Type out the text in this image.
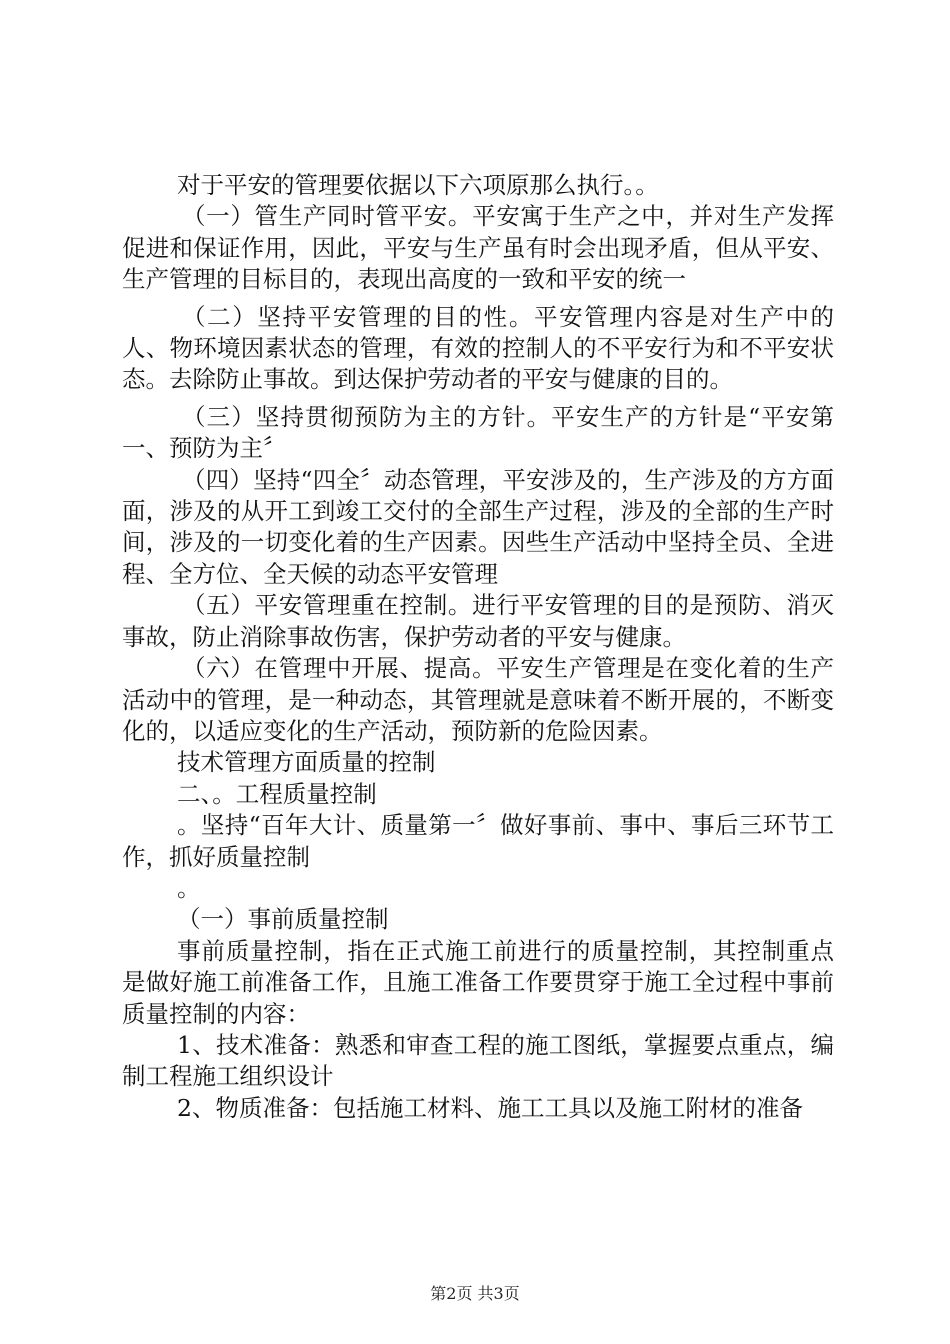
对于平安的管理要依据以下六项原那么执行。。

（一）管生产同时管平安。平安寓于生产之中，并对生产发挥促进和保证作用，因此，平安与生产虽有时会出现矛盾，但从平安、生产管理的目标目的，表现出高度的一致和平安的统一

（二）坚持平安管理的目的性。平安管理内容是对生产中的人、物环境因素状态的管理，有效的控制人的不平安行为和不平安状态。去除防止事故。到达保护劳动者的平安与健康的目的。

（三）坚持贯彻预防为主的方针。平安生产的方针是“平安第一、预防为主〞

（四）坚持“四全〞动态管理，平安涉及的，生产涉及的方方面面，涉及的从开工到竣工交付的全部生产过程，涉及的全部的生产时间，涉及的一切变化着的生产因素。因些生产活动中坚持全员、全进程、全方位、全天候的动态平安管理

（五）平安管理重在控制。进行平安管理的目的是预防、消灭事故，防止消除事故伤害，保护劳动者的平安与健康。

（六）在管理中开展、提高。平安生产管理是在变化着的生产活动中的管理，是一种动态，其管理就是意味着不断开展的，不断变化的，以适应变化的生产活动，预防新的危险因素。

技术管理方面质量的控制

二、。工程质量控制

。坚持“百年大计、质量第一〞做好事前、事中、事后三环节工作，抓好质量控制

。

（一）事前质量控制

事前质量控制，指在正式施工前进行的质量控制，其控制重点是做好施工前准备工作，且施工准备工作要贯穿于施工全过程中事前质量控制的内容：

1、技术准备：熟悉和审查工程的施工图纸，掌握要点重点，编制工程施工组织设计

2、物质准备：包括施工材料、施工工具以及施工附材的准备

第2页 共3页
